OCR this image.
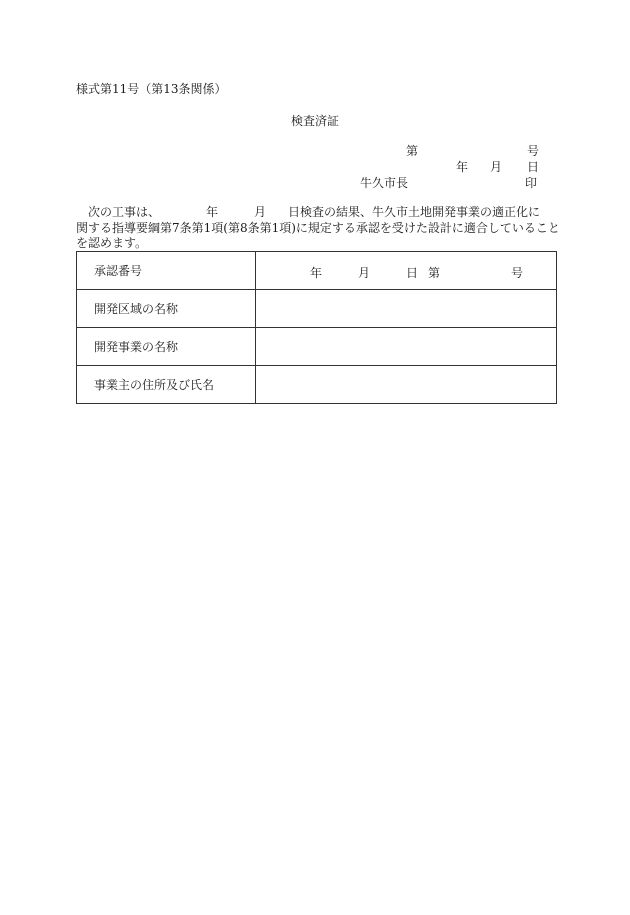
様式第11号（第13条関係）
検査済証
第	号
年 月 日
牛久市長	印
　次の工事は、	年	月 日検査の結果、牛久市土地開発事業の適正化に
関する指導要綱第7条第1項(第8条第1項)に規定する承認を受けた設計に適合していること
を認めます。
承認番号	年 月 日 第 号

開発区域の名称	
開発事業の名称	
事業主の住所及び氏名	
